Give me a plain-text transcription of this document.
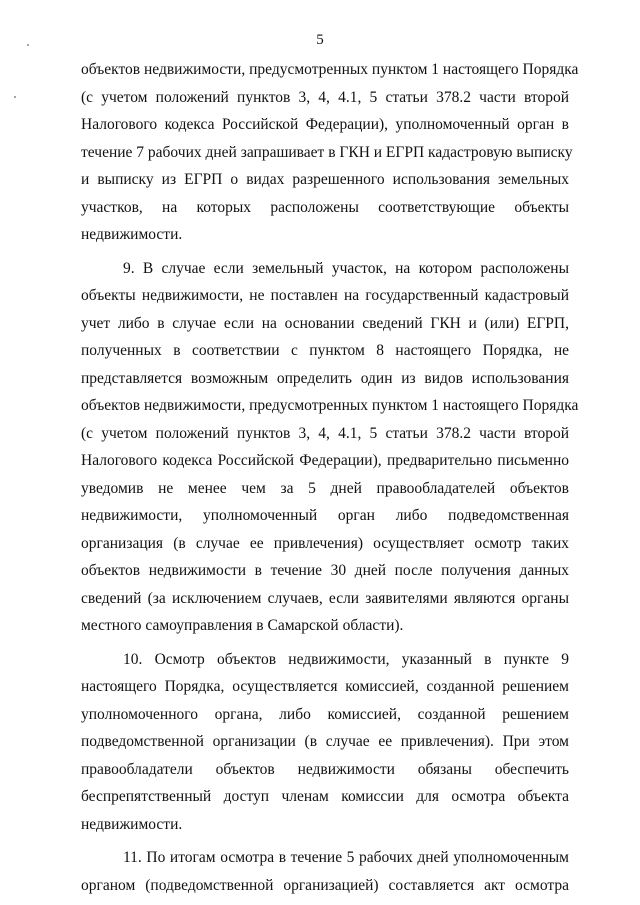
5
объектов недвижимости, предусмотренных пунктом 1 настоящего Порядка
(с учетом положений пунктов 3, 4, 4.1, 5 статьи 378.2 части второй
Налогового кодекса Российской Федерации), уполномоченный орган в
течение 7 рабочих дней запрашивает в ГКН и ЕГРП кадастровую выписку
и выписку из ЕГРП о видах разрешенного использования земельных
участков, на которых расположены соответствующие объекты
недвижимости.
9. В случае если земельный участок, на котором расположены
объекты недвижимости, не поставлен на государственный кадастровый
учет либо в случае если на основании сведений ГКН и (или) ЕГРП,
полученных в соответствии с пунктом 8 настоящего Порядка, не
представляется возможным определить один из видов использования
объектов недвижимости, предусмотренных пунктом 1 настоящего Порядка
(с учетом положений пунктов 3, 4, 4.1, 5 статьи 378.2 части второй
Налогового кодекса Российской Федерации), предварительно письменно
уведомив не менее чем за 5 дней правообладателей объектов
недвижимости, уполномоченный орган либо подведомственная
организация (в случае ее привлечения) осуществляет осмотр таких
объектов недвижимости в течение 30 дней после получения данных
сведений (за исключением случаев, если заявителями являются органы
местного самоуправления в Самарской области).
10. Осмотр объектов недвижимости, указанный в пункте 9
настоящего Порядка, осуществляется комиссией, созданной решением
уполномоченного органа, либо комиссией, созданной решением
подведомственной организации (в случае ее привлечения). При этом
правообладатели объектов недвижимости обязаны обеспечить
беспрепятственный доступ членам комиссии для осмотра объекта
недвижимости.
11. По итогам осмотра в течение 5 рабочих дней уполномоченным
органом (подведомственной организацией) составляется акт осмотра
